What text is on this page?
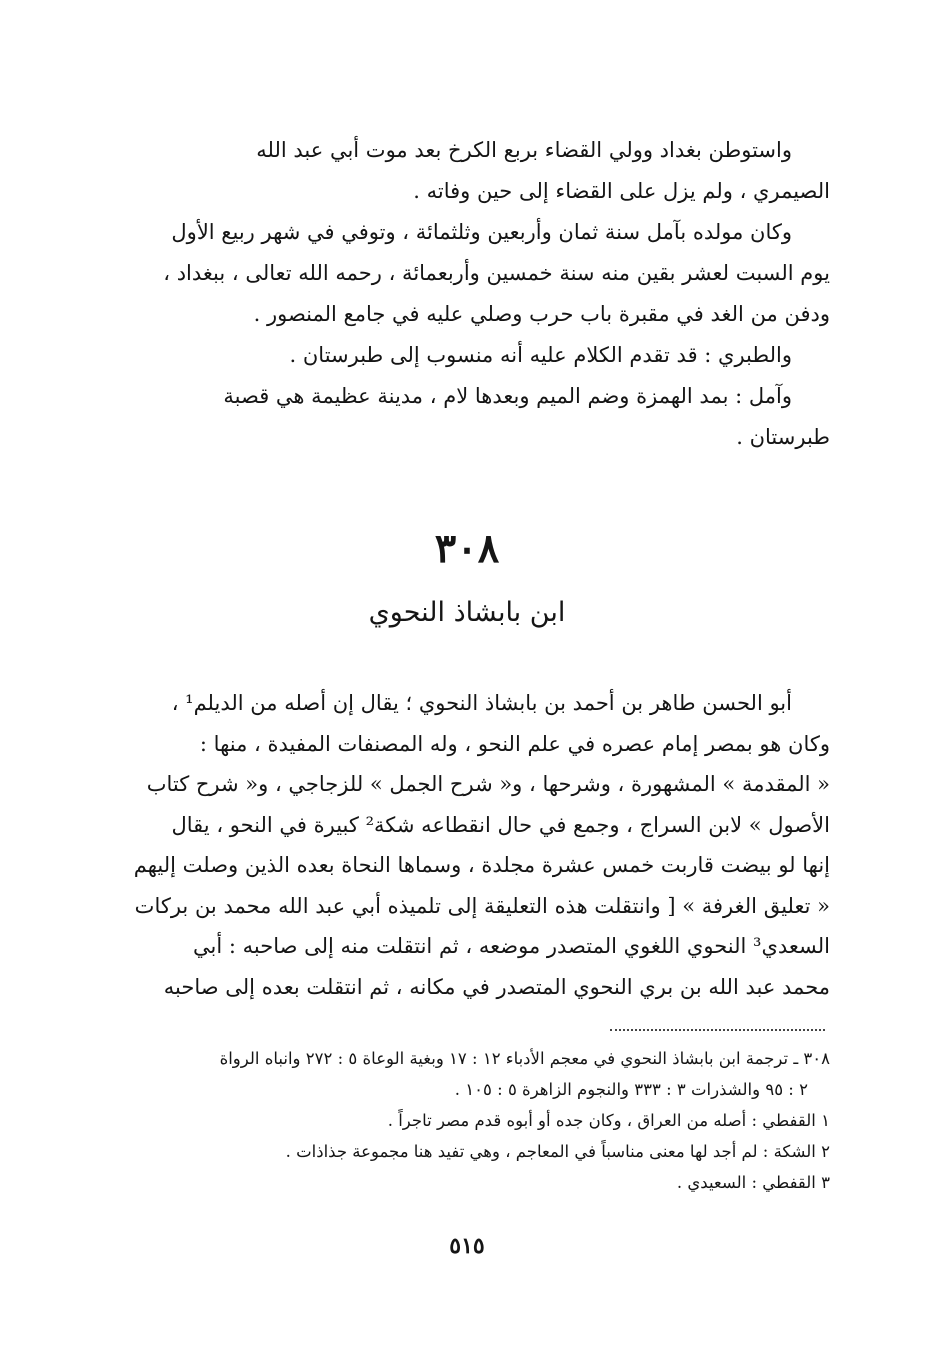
واستوطن بغداد وولي القضاء بربع الكرخ بعد موت أبي عبد الله
الصيمري ، ولم يزل على القضاء إلى حين وفاته .
وكان مولده بآمل سنة ثمان وأربعين وثلثمائة ، وتوفي في شهر ربيع الأول
يوم السبت لعشر بقين منه سنة خمسين وأربعمائة ، رحمه الله تعالى ، ببغداد ،
ودفن من الغد في مقبرة باب حرب وصلي عليه في جامع المنصور .
والطبري : قد تقدم الكلام عليه أنه منسوب إلى طبرستان .
وآمل : بمد الهمزة وضم الميم وبعدها لام ، مدينة عظيمة هي قصبة
طبرستان .
٣٠٨
ابن بابشاذ النحوي
أبو الحسن طاهر بن أحمد بن بابشاذ النحوي ؛ يقال إن أصله من الديلم¹ ،
وكان هو بمصر إمام عصره في علم النحو ، وله المصنفات المفيدة ، منها :
« المقدمة » المشهورة ، وشرحها ، و« شرح الجمل » للزجاجي ، و« شرح كتاب
الأصول » لابن السراج ، وجمع في حال انقطاعه شكة² كبيرة في النحو ، يقال
إنها لو بيضت قاربت خمس عشرة مجلدة ، وسماها النحاة بعده الذين وصلت إليهم
« تعليق الغرفة » [ وانتقلت هذه التعليقة إلى تلميذه أبي عبد الله محمد بن بركات
السعدي³ النحوي اللغوي المتصدر موضعه ، ثم انتقلت منه إلى صاحبه : أبي
محمد عبد الله بن بري النحوي المتصدر في مكانه ، ثم انتقلت بعده إلى صاحبه
٣٠٨ ـ ترجمة ابن بابشاذ النحوي في معجم الأدباء ١٢ : ١٧ وبغية الوعاة ٥ : ٢٧٢ وانباه الرواة
٢ : ٩٥ والشذرات ٣ : ٣٣٣ والنجوم الزاهرة ٥ : ١٠٥ .
١ القفطي : أصله من العراق ، وكان جده أو أبوه قدم مصر تاجراً .
٢ الشكة : لم أجد لها معنى مناسباً في المعاجم ، وهي تفيد هنا مجموعة جذاذات .
٣ القفطي : السعيدي .
٥١٥
